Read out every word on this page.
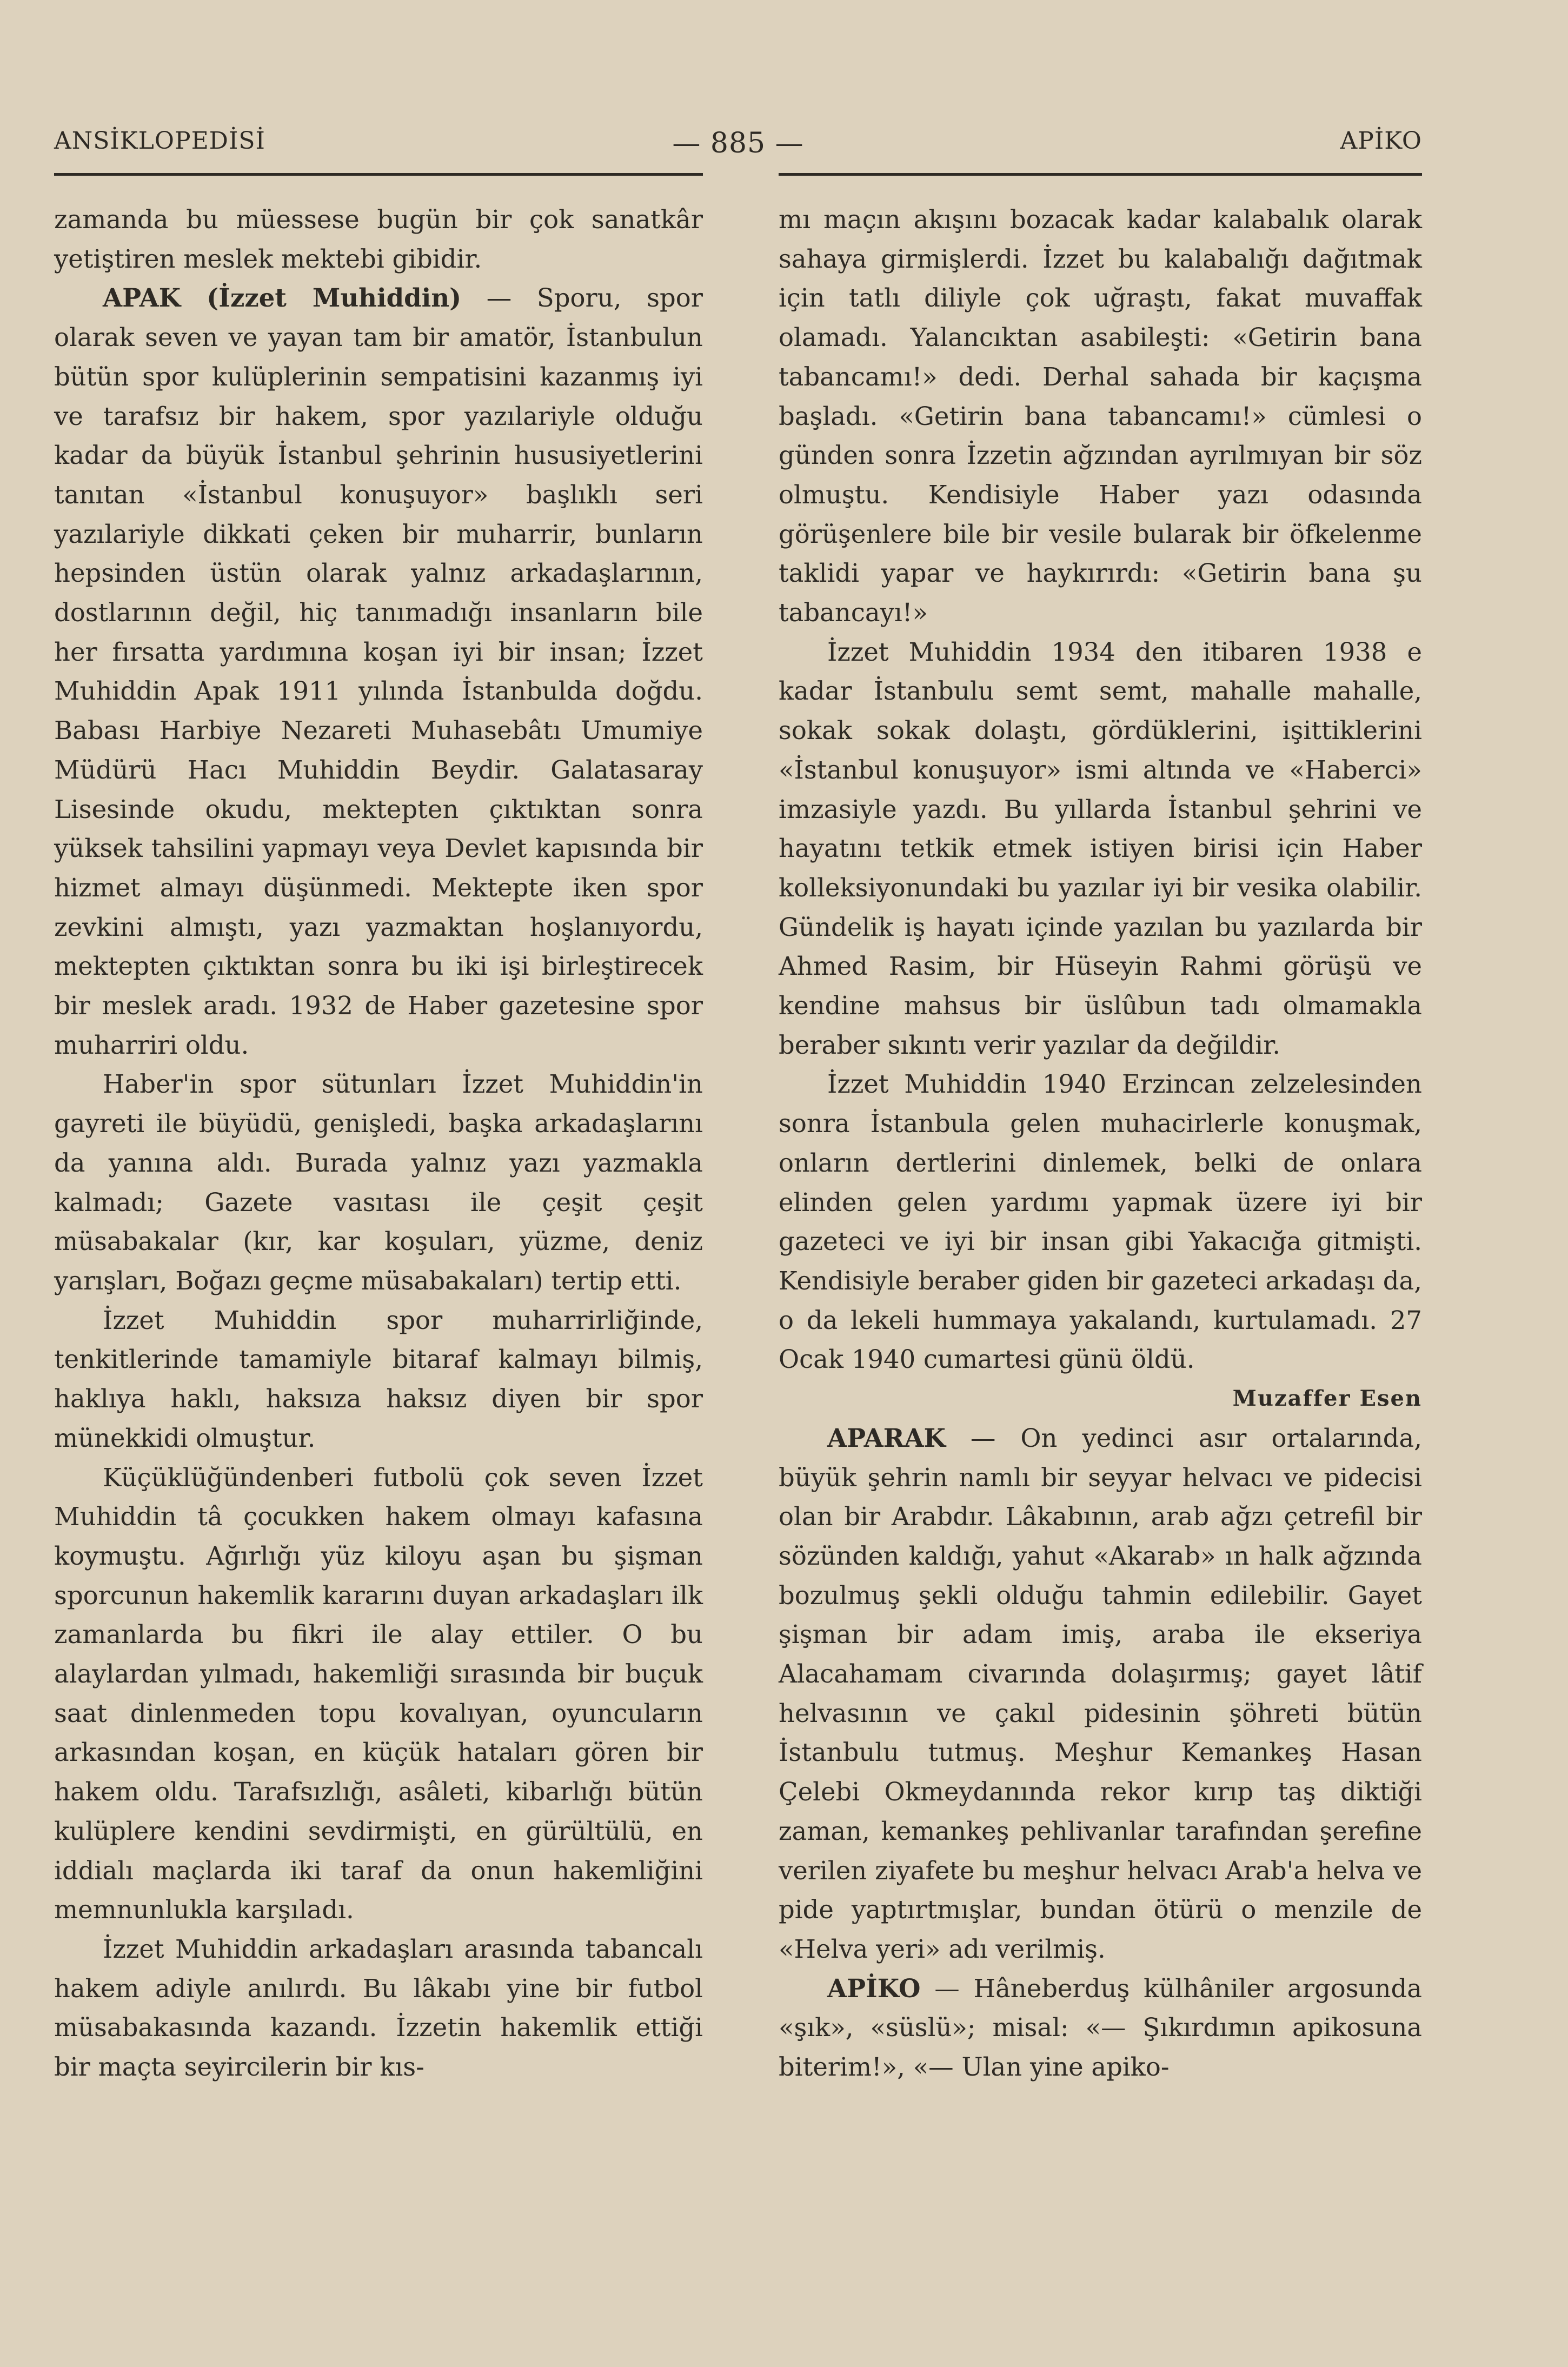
ANSİKLOPEDİSİ	— 885 —	APİKO

zamanda bu müessese bugün bir çok sanatkâr yetiştiren meslek mektebi gibidir.

APAK (İzzet Muhiddin) — Sporu, spor olarak seven ve yayan tam bir amatör, İstanbulun bütün spor kulüplerinin sempatisini kazanmış iyi ve tarafsız bir hakem, spor yazılariyle olduğu kadar da büyük İstanbul şehrinin hususiyetlerini tanıtan «İstanbul konuşuyor» başlıklı seri yazılariyle dikkati çeken bir muharrir, bunların hepsinden üstün olarak yalnız arkadaşlarının, dostlarının değil, hiç tanımadığı insanların bile her fırsatta yardımına koşan iyi bir insan; İzzet Muhiddin Apak 1911 yılında İstanbulda doğdu. Babası Harbiye Nezareti Muhasebâtı Umumiye Müdürü Hacı Muhiddin Beydir. Galatasaray Lisesinde okudu, mektepten çıktıktan sonra yüksek tahsilini yapmayı veya Devlet kapısında bir hizmet almayı düşünmedi. Mektepte iken spor zevkini almıştı, yazı yazmaktan hoşlanıyordu, mektepten çıktıktan sonra bu iki işi birleştirecek bir meslek aradı. 1932 de Haber gazetesine spor muharriri oldu.

Haber'in spor sütunları İzzet Muhiddin'in gayreti ile büyüdü, genişledi, başka arkadaşlarını da yanına aldı. Burada yalnız yazı yazmakla kalmadı; Gazete vasıtası ile çeşit çeşit müsabakalar (kır, kar koşuları, yüzme, deniz yarışları, Boğazı geçme müsabakaları) tertip etti.

İzzet Muhiddin spor muharrirliğinde, tenkitlerinde tamamiyle bitaraf kalmayı bilmiş, haklıya haklı, haksıza haksız diyen bir spor münekkidi olmuştur.

Küçüklüğündenberi futbolü çok seven İzzet Muhiddin tâ çocukken hakem olmayı kafasına koymuştu. Ağırlığı yüz kiloyu aşan bu şişman sporcunun hakemlik kararını duyan arkadaşları ilk zamanlarda bu fikri ile alay ettiler. O bu alaylardan yılmadı, hakemliği sırasında bir buçuk saat dinlenmeden topu kovalıyan, oyuncuların arkasından koşan, en küçük hataları gören bir hakem oldu. Tarafsızlığı, asâleti, kibarlığı bütün kulüplere kendini sevdirmişti, en gürültülü, en iddialı maçlarda iki taraf da onun hakemliğini memnunlukla karşıladı.

İzzet Muhiddin arkadaşları arasında tabancalı hakem adiyle anılırdı. Bu lâkabı yine bir futbol müsabakasında kazandı. İzzetin hakemlik ettiği bir maçta seyircilerin bir kıs-

mı maçın akışını bozacak kadar kalabalık olarak sahaya girmişlerdi. İzzet bu kalabalığı dağıtmak için tatlı diliyle çok uğraştı, fakat muvaffak olamadı. Yalancıktan asabileşti: «Getirin bana tabancamı!» dedi. Derhal sahada bir kaçışma başladı. «Getirin bana tabancamı!» cümlesi o günden sonra İzzetin ağzından ayrılmıyan bir söz olmuştu. Kendisiyle Haber yazı odasında görüşenlere bile bir vesile bularak bir öfkelenme taklidi yapar ve haykırırdı: «Getirin bana şu tabancayı!»

İzzet Muhiddin 1934 den itibaren 1938 e kadar İstanbulu semt semt, mahalle mahalle, sokak sokak dolaştı, gördüklerini, işittiklerini «İstanbul konuşuyor» ismi altında ve «Haberci» imzasiyle yazdı. Bu yıllarda İstanbul şehrini ve hayatını tetkik etmek istiyen birisi için Haber kolleksiyonundaki bu yazılar iyi bir vesika olabilir. Gündelik iş hayatı içinde yazılan bu yazılarda bir Ahmed Rasim, bir Hüseyin Rahmi görüşü ve kendine mahsus bir üslûbun tadı olmamakla beraber sıkıntı verir yazılar da değildir.

İzzet Muhiddin 1940 Erzincan zelzelesinden sonra İstanbula gelen muhacirlerle konuşmak, onların dertlerini dinlemek, belki de onlara elinden gelen yardımı yapmak üzere iyi bir gazeteci ve iyi bir insan gibi Yakacığa gitmişti. Kendisiyle beraber giden bir gazeteci arkadaşı da, o da lekeli hummaya yakalandı, kurtulamadı. 27 Ocak 1940 cumartesi günü öldü.

Muzaffer Esen

APARAK — On yedinci asır ortalarında, büyük şehrin namlı bir seyyar helvacı ve pidecisi olan bir Arabdır. Lâkabının, arab ağzı çetrefil bir sözünden kaldığı, yahut «Akarab» ın halk ağzında bozulmuş şekli olduğu tahmin edilebilir. Gayet şişman bir adam imiş, araba ile ekseriya Alacahamam civarında dolaşırmış; gayet lâtif helvasının ve çakıl pidesinin şöhreti bütün İstanbulu tutmuş. Meşhur Kemankeş Hasan Çelebi Okmeydanında rekor kırıp taş diktiği zaman, kemankeş pehlivanlar tarafından şerefine verilen ziyafete bu meşhur helvacı Arab'a helva ve pide yaptırtmışlar, bundan ötürü o menzile de «Helva yeri» adı verilmiş.

APİKO — Hâneberduş külhâniler argosunda «şık», «süslü»; misal: «— Şıkırdımın apikosuna biterim!», «— Ulan yine apiko-
